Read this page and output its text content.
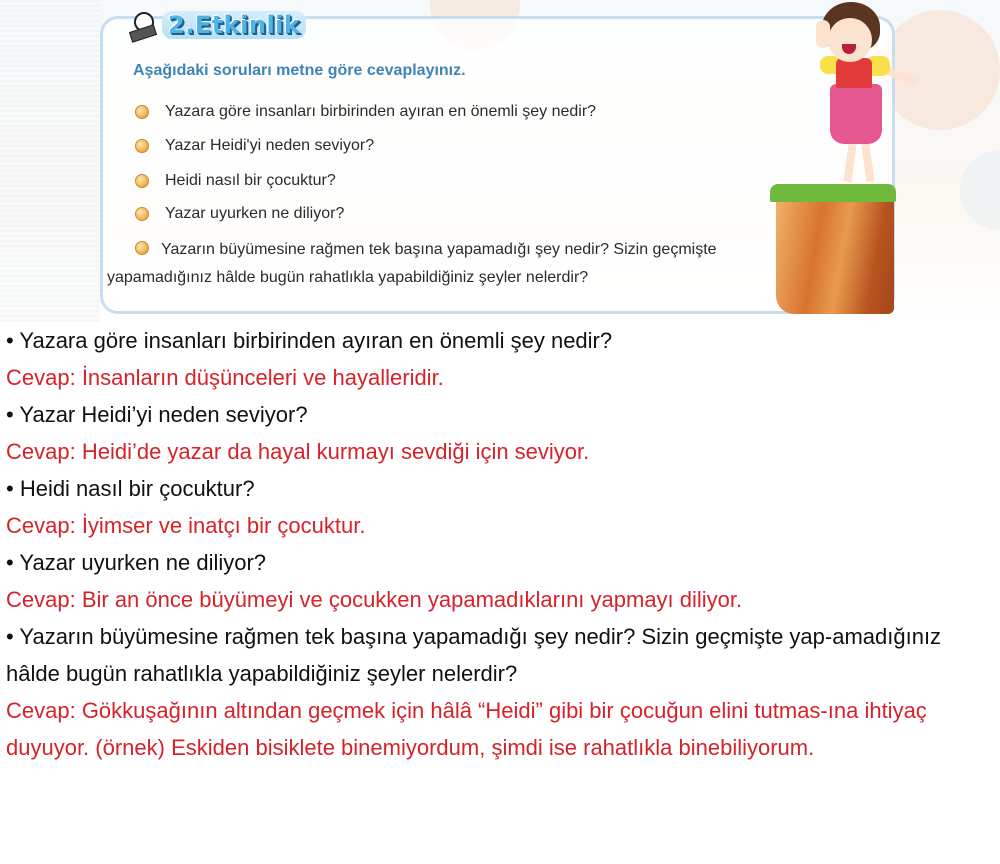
2.Etkinlik
Aşağıdaki soruları metne göre cevaplayınız.
Yazara göre insanları birbirinden ayıran en önemli şey nedir?
Yazar Heidi'yi neden seviyor?
Heidi nasıl bir çocuktur?
Yazar uyurken ne diliyor?
Yazarın büyümesine rağmen tek başına yapamadığı şey nedir? Sizin geçmişte yapamadığınız hâlde bugün rahatlıkla yapabildiğiniz şeyler nelerdir?
• Yazara göre insanları birbirinden ayıran en önemli şey nedir?
Cevap: İnsanların düşünceleri ve hayalleridir.
• Yazar Heidi’yi neden seviyor?
Cevap: Heidi’de yazar da hayal kurmayı sevdiği için seviyor.
• Heidi nasıl bir çocuktur?
Cevap: İyimser ve inatçı bir çocuktur.
• Yazar uyurken ne diliyor?
Cevap: Bir an önce büyümeyi ve çocukken yapamadıklarını yapmayı diliyor.
• Yazarın büyümesine rağmen tek başına yapamadığı şey nedir? Sizin geçmişte yap-amadığınız hâlde bugün rahatlıkla yapabildiğiniz şeyler nelerdir?
Cevap: Gökkuşağının altından geçmek için hâlâ “Heidi” gibi bir çocuğun elini tutmas-ına ihtiyaç duyuyor. (örnek) Eskiden bisiklete binemiyordum, şimdi ise rahatlıkla binebiliyorum.
